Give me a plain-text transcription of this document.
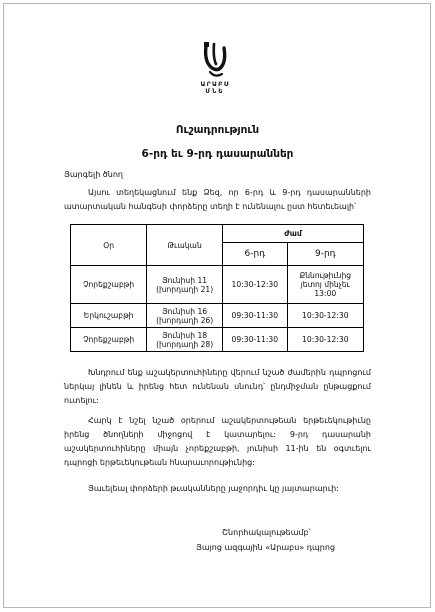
ԱՐԱԲՍ
ՄՆԵ
Ուշադրություն
6-րդ եւ 9-րդ դասարաններ
Յարգելի ծնող
Այսու տեղեկացնում ենք Ձեզ, որ 6-րդ և 9-րդ դասարանների ատարտական հանգեսի փորձերը տեղի է ունենալու ըստ հետեւեալի՝
Օր	Թւական	Ժամ	
		6-րդ	9-րդ
Չորեքշաբթի	Յունիսի 11 (խորդաղի 21)	10:30-12:30	Քննութիւնից յետոյ մինչեւ 13:00
Երկուշաբթի	Յունիսի 16 (խորդաղի 26)	09:30-11:30	10:30-12:30
Չորեքշաբթի	Յունիսի 18 (խորդաղի 28)	09:30-11:30	10:30-12:30
Խնդրում ենք աշակերտուհիները վերում նշած ժամերին դպրոցում ներկայ լինեն և իրենց հետ ունենան սնունդ՝ ընդմիջման ընթացքում ուտելու:
Հարկ է նշել նշած օրերում աշակերտութեան երթեւեկութիւնը իրենց ծնողների միջոցով է կատարելու: 9-րդ դասարանի աշակերտուհիները միայն չորեքշաբթի, յունիսի 11-ին են օգտւելու դպրոցի երթեւեկութեան հնարաւորութիւնից:
Յաւելեալ փորձերի թւականները յաջորդիւ կը յայտարարւի:
Շնորհակալութեամբ՝
Յայոց ազգային «Արաբս» դպրոց
